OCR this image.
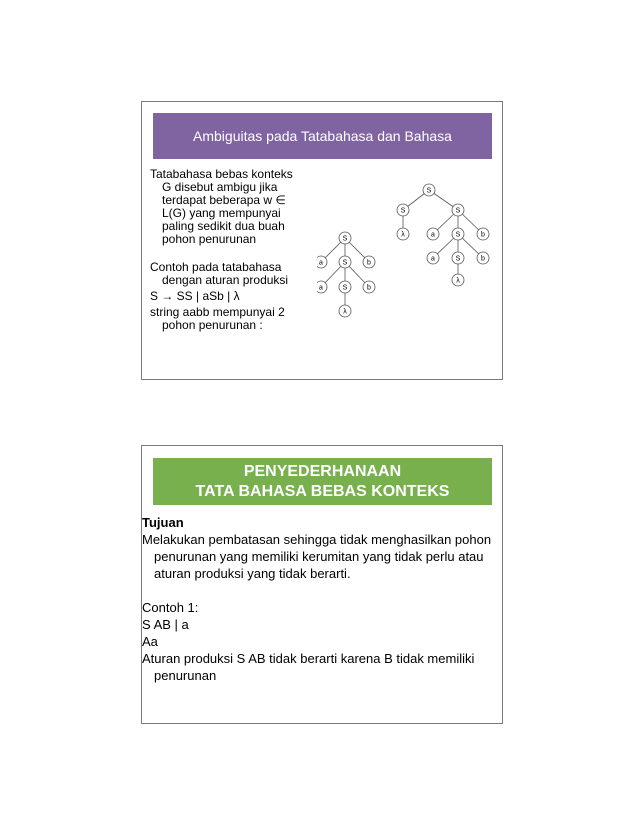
Ambiguitas pada Tatabahasa dan Bahasa

Tatabahasa bebas konteks G disebut ambigu jika terdapat beberapa w ∈ L(G) yang mempunyai paling sedikit dua buah pohon penurunan

Contoh pada tatabahasa dengan aturan produksi

S → SS | aSb | λ

string aabb mempunyai 2 pohon penurunan :

S
a	S	b
a	S	b
λ
S
S	S
λ	a	S	b
a	S	b
λ
PENYEDERHANAAN
TATA BAHASA BEBAS KONTEKS

Tujuan

Melakukan pembatasan sehingga tidak menghasilkan pohon penurunan yang memiliki kerumitan yang tidak perlu atau aturan produksi yang tidak berarti.

Contoh 1:

S AB | a

Aa

Aturan produksi S AB tidak berarti karena B tidak memiliki penurunan
